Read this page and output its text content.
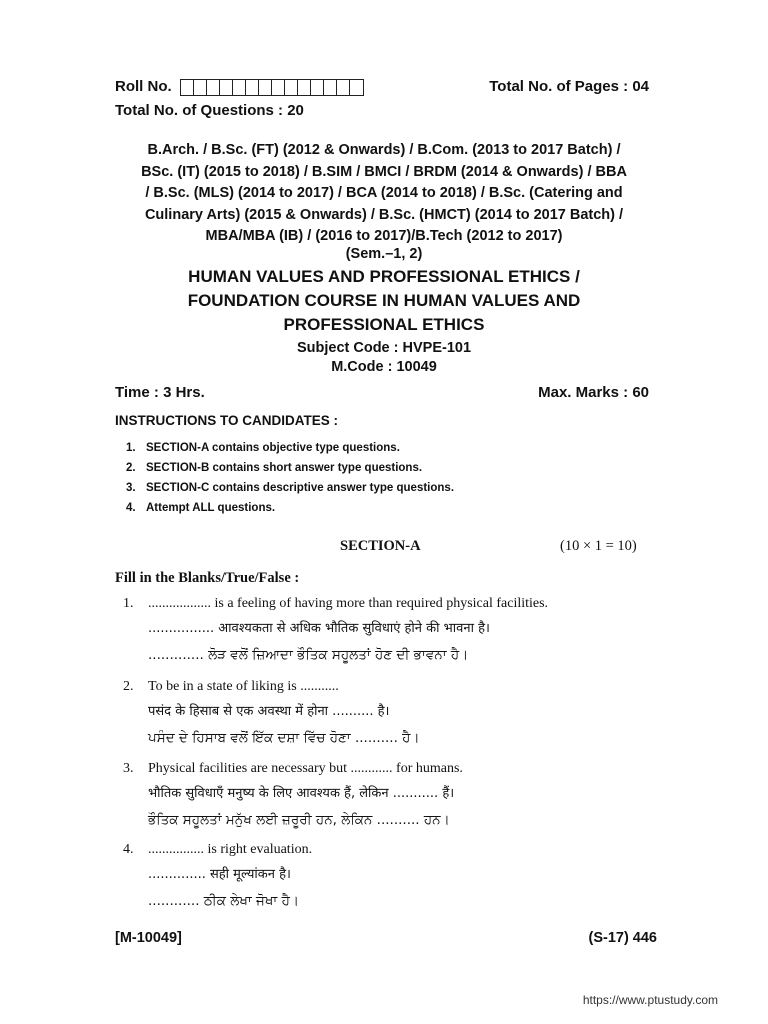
Roll No.	Total No. of Pages : 04
Total No. of Questions : 20
B.Arch. / B.Sc. (FT) (2012 & Onwards) / B.Com. (2013 to 2017 Batch) /
BSc. (IT) (2015 to 2018) / B.SIM / BMCI / BRDM (2014 & Onwards) / BBA
/ B.Sc. (MLS) (2014 to 2017) / BCA (2014 to 2018) / B.Sc. (Catering and
Culinary Arts) (2015 & Onwards) / B.Sc. (HMCT) (2014 to 2017 Batch) /
MBA/MBA (IB) / (2016 to 2017)/B.Tech (2012 to 2017)
(Sem.–1, 2)
HUMAN VALUES AND PROFESSIONAL ETHICS /
FOUNDATION COURSE IN HUMAN VALUES AND
PROFESSIONAL ETHICS
Subject Code : HVPE-101
M.Code : 10049
Time : 3 Hrs.	Max. Marks : 60
INSTRUCTIONS TO CANDIDATES :
1. SECTION-A contains objective type questions.
2. SECTION-B contains short answer type questions.
3. SECTION-C contains descriptive answer type questions.
4. Attempt ALL questions.
SECTION-A	(10 × 1 = 10)
Fill in the Blanks/True/False :
1. .................. is a feeling of having more than required physical facilities.
................ आवश्यकता से अधिक भौतिक सुविधाएं होने की भावना है।
............. ਲੋੜ ਵਲੋਂ ਜ਼ਿਆਦਾ ਭੌਤਿਕ ਸਹੂਲਤਾਂ ਹੋਣ ਦੀ ਭਾਵਨਾ ਹੈ।
2. To be in a state of liking is ...........
पसंद के हिसाब से एक अवस्था में होना .......... है।
ਪਸੰਦ ਦੇ ਹਿਸਾਬ ਵਲੋਂ ਇੱਕ ਦਸ਼ਾ ਵਿੱਚ ਹੋਣਾ .......... ਹੈ।
3. Physical facilities are necessary but ............ for humans.
भौतिक सुविधाएँ मनुष्य के लिए आवश्यक हैं, लेकिन ........... हैं।
ਭੌਤਿਕ ਸਹੂਲਤਾਂ ਮਨੁੱਖ ਲਈ ਜ਼ਰੂਰੀ ਹਨ, ਲੇਕਿਨ .......... ਹਨ।
4. ................ is right evaluation.
.............. सही मूल्यांकन है।
............ ਠੀਕ ਲੇਖਾ ਜੋਖਾ ਹੈ।
[M-10049]	(S-17) 446
https://www.ptustudy.com
